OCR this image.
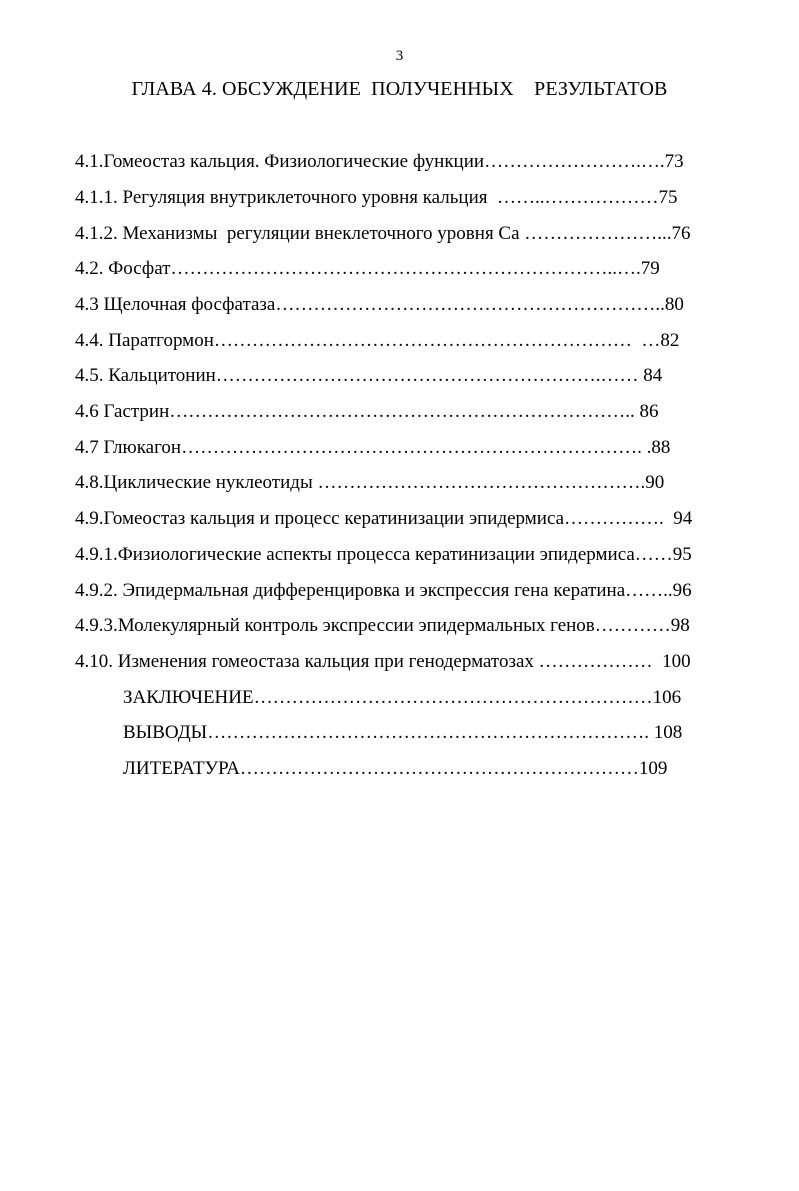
3
ГЛАВА 4. ОБСУЖДЕНИЕ  ПОЛУЧЕННЫХ    РЕЗУЛЬТАТОВ
4.1.Гомеостаз кальция. Физиологические функции…………………….….73
4.1.1. Регуляция внутриклеточного уровня кальция  ……..………………75
4.1.2. Механизмы  регуляции внеклеточного уровня Са …………………...76
4.2. Фосфат……………………………………………………………..….79
4.3 Щелочная фосфатаза……………………………………………………..80
4.4. Паратгормон…………………………………………………………  …82
4.5. Кальцитонин…………………………………………………….…… 84
4.6 Гастрин……………………………………………………………….. 86
4.7 Глюкагон………………………………………………………………. .88
4.8.Циклические нуклеотиды …………………………………………….90
4.9.Гомеостаз кальция и процесс кератинизации эпидермиса…………….  94
4.9.1.Физиологические аспекты процесса кератинизации эпидермиса……95
4.9.2. Эпидермальная дифференцировка и экспрессия гена кератина……..96
4.9.3.Молекулярный контроль экспрессии эпидермальных генов…………98
4.10. Изменения гомеостаза кальция при генодерматозах ………………  100
ЗАКЛЮЧЕНИЕ………………………………………………………106
ВЫВОДЫ……………………………………………………………. 108
ЛИТЕРАТУРА………………………………………………………109
